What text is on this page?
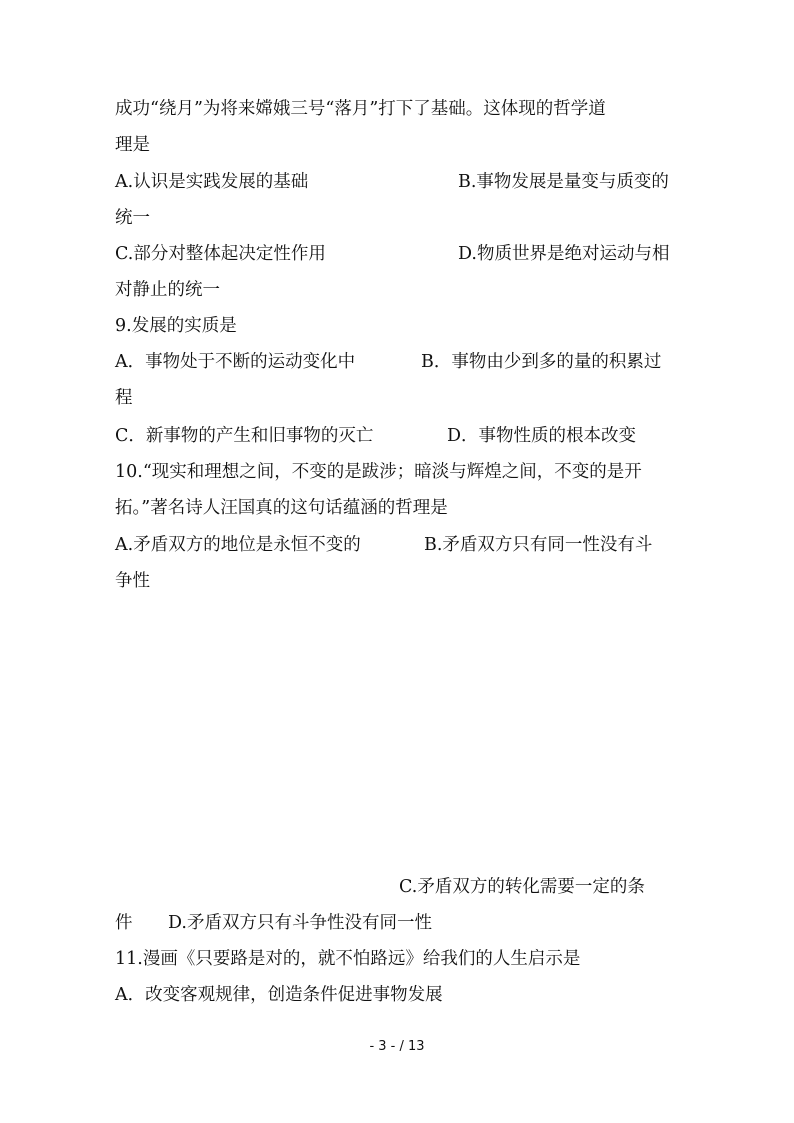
成功“绕月”为将来嫦娥三号“落月”打下了基础。这体现的哲学道
理是
A.认识是实践发展的基础	B.事物发展是量变与质变的
统一
C.部分对整体起决定性作用	D.物质世界是绝对运动与相
对静止的统一
9.发展的实质是
A．事物处于不断的运动变化中	B．事物由少到多的量的积累过
程
C．新事物的产生和旧事物的灭亡	D．事物性质的根本改变
10.“现实和理想之间，不变的是跋涉；暗淡与辉煌之间，不变的是开
拓。”著名诗人汪国真的这句话蕴涵的哲理是
A.矛盾双方的地位是永恒不变的	B.矛盾双方只有同一性没有斗
争性
C.矛盾双方的转化需要一定的条
件 D.矛盾双方只有斗争性没有同一性
11.漫画《只要路是对的，就不怕路远》给我们的人生启示是
A．改变客观规律，创造条件促进事物发展
- 3 - / 13
